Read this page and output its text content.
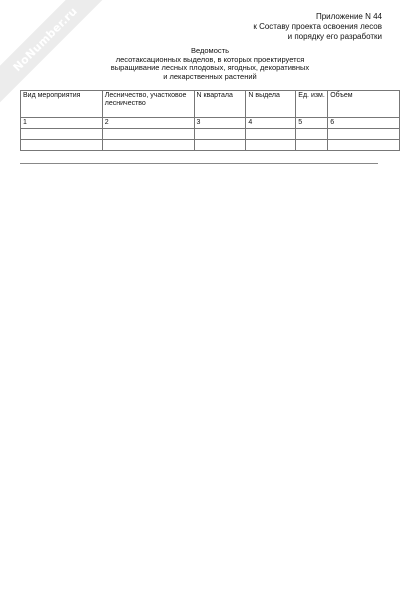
NoNumber.ru	Приложение N 44
к Составу проекта освоения лесов
и порядку его разработки
Ведомость
лесотаксационных выделов, в которых проектируется
выращивание лесных плодовых, ягодных, декоративных
и лекарственных растений
Вид мероприятия	Лесничество, участковое лесничество	N квартала	N выдела	Ед. изм.	Объем
1	2	3	4	5	6
